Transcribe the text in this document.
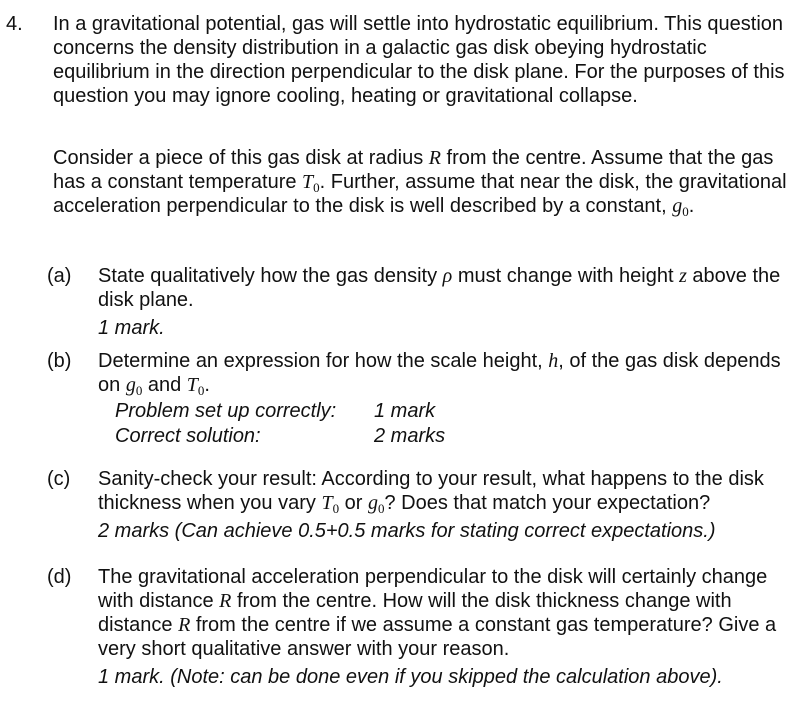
4. In a gravitational potential, gas will settle into hydrostatic equilibrium. This question concerns the density distribution in a galactic gas disk obeying hydrostatic equilibrium in the direction perpendicular to the disk plane. For the purposes of this question you may ignore cooling, heating or gravitational collapse.
Consider a piece of this gas disk at radius R from the centre. Assume that the gas has a constant temperature $T_0$. Further, assume that near the disk, the gravitational acceleration perpendicular to the disk is well described by a constant, $g_0$.
(a) State qualitatively how the gas density ρ must change with height z above the disk plane.
1 mark.
(b) Determine an expression for how the scale height, h, of the gas disk depends on $g_0$ and $T_0$.
Problem set up correctly: 1 mark
Correct solution:	2 marks
(c) Sanity-check your result: According to your result, what happens to the disk thickness when you vary $T_0$ or $g_0$? Does that match your expectation?
2 marks (Can achieve 0.5+0.5 marks for stating correct expectations.)
(d) The gravitational acceleration perpendicular to the disk will certainly change with distance R from the centre. How will the disk thickness change with distance R from the centre if we assume a constant gas temperature? Give a very short qualitative answer with your reason.
1 mark. (Note: can be done even if you skipped the calculation above).
